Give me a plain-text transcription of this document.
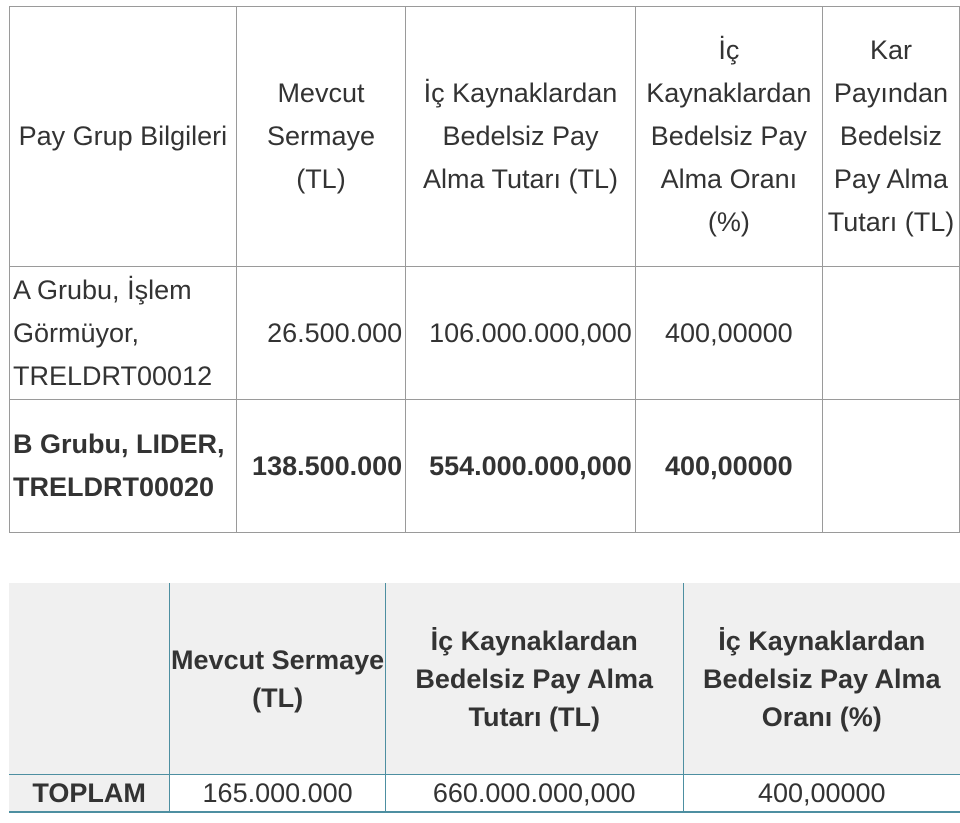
Pay Grup Bilgileri	Mevcut Sermaye (TL)	İç Kaynaklardan Bedelsiz Pay Alma Tutarı (TL)	İç Kaynaklardan Bedelsiz Pay Alma Oranı (%)	Kar Payından Bedelsiz Pay Alma Tutarı (TL)
A Grubu, İşlem Görmüyor, TRELDRT00012	26.500.000	106.000.000,000	400,00000	
B Grubu, LIDER, TRELDRT00020	138.500.000	554.000.000,000	400,00000	
	Mevcut Sermaye (TL)	İç Kaynaklardan Bedelsiz Pay Alma Tutarı (TL)	İç Kaynaklardan Bedelsiz Pay Alma Oranı (%)
TOPLAM	165.000.000	660.000.000,000	400,00000
